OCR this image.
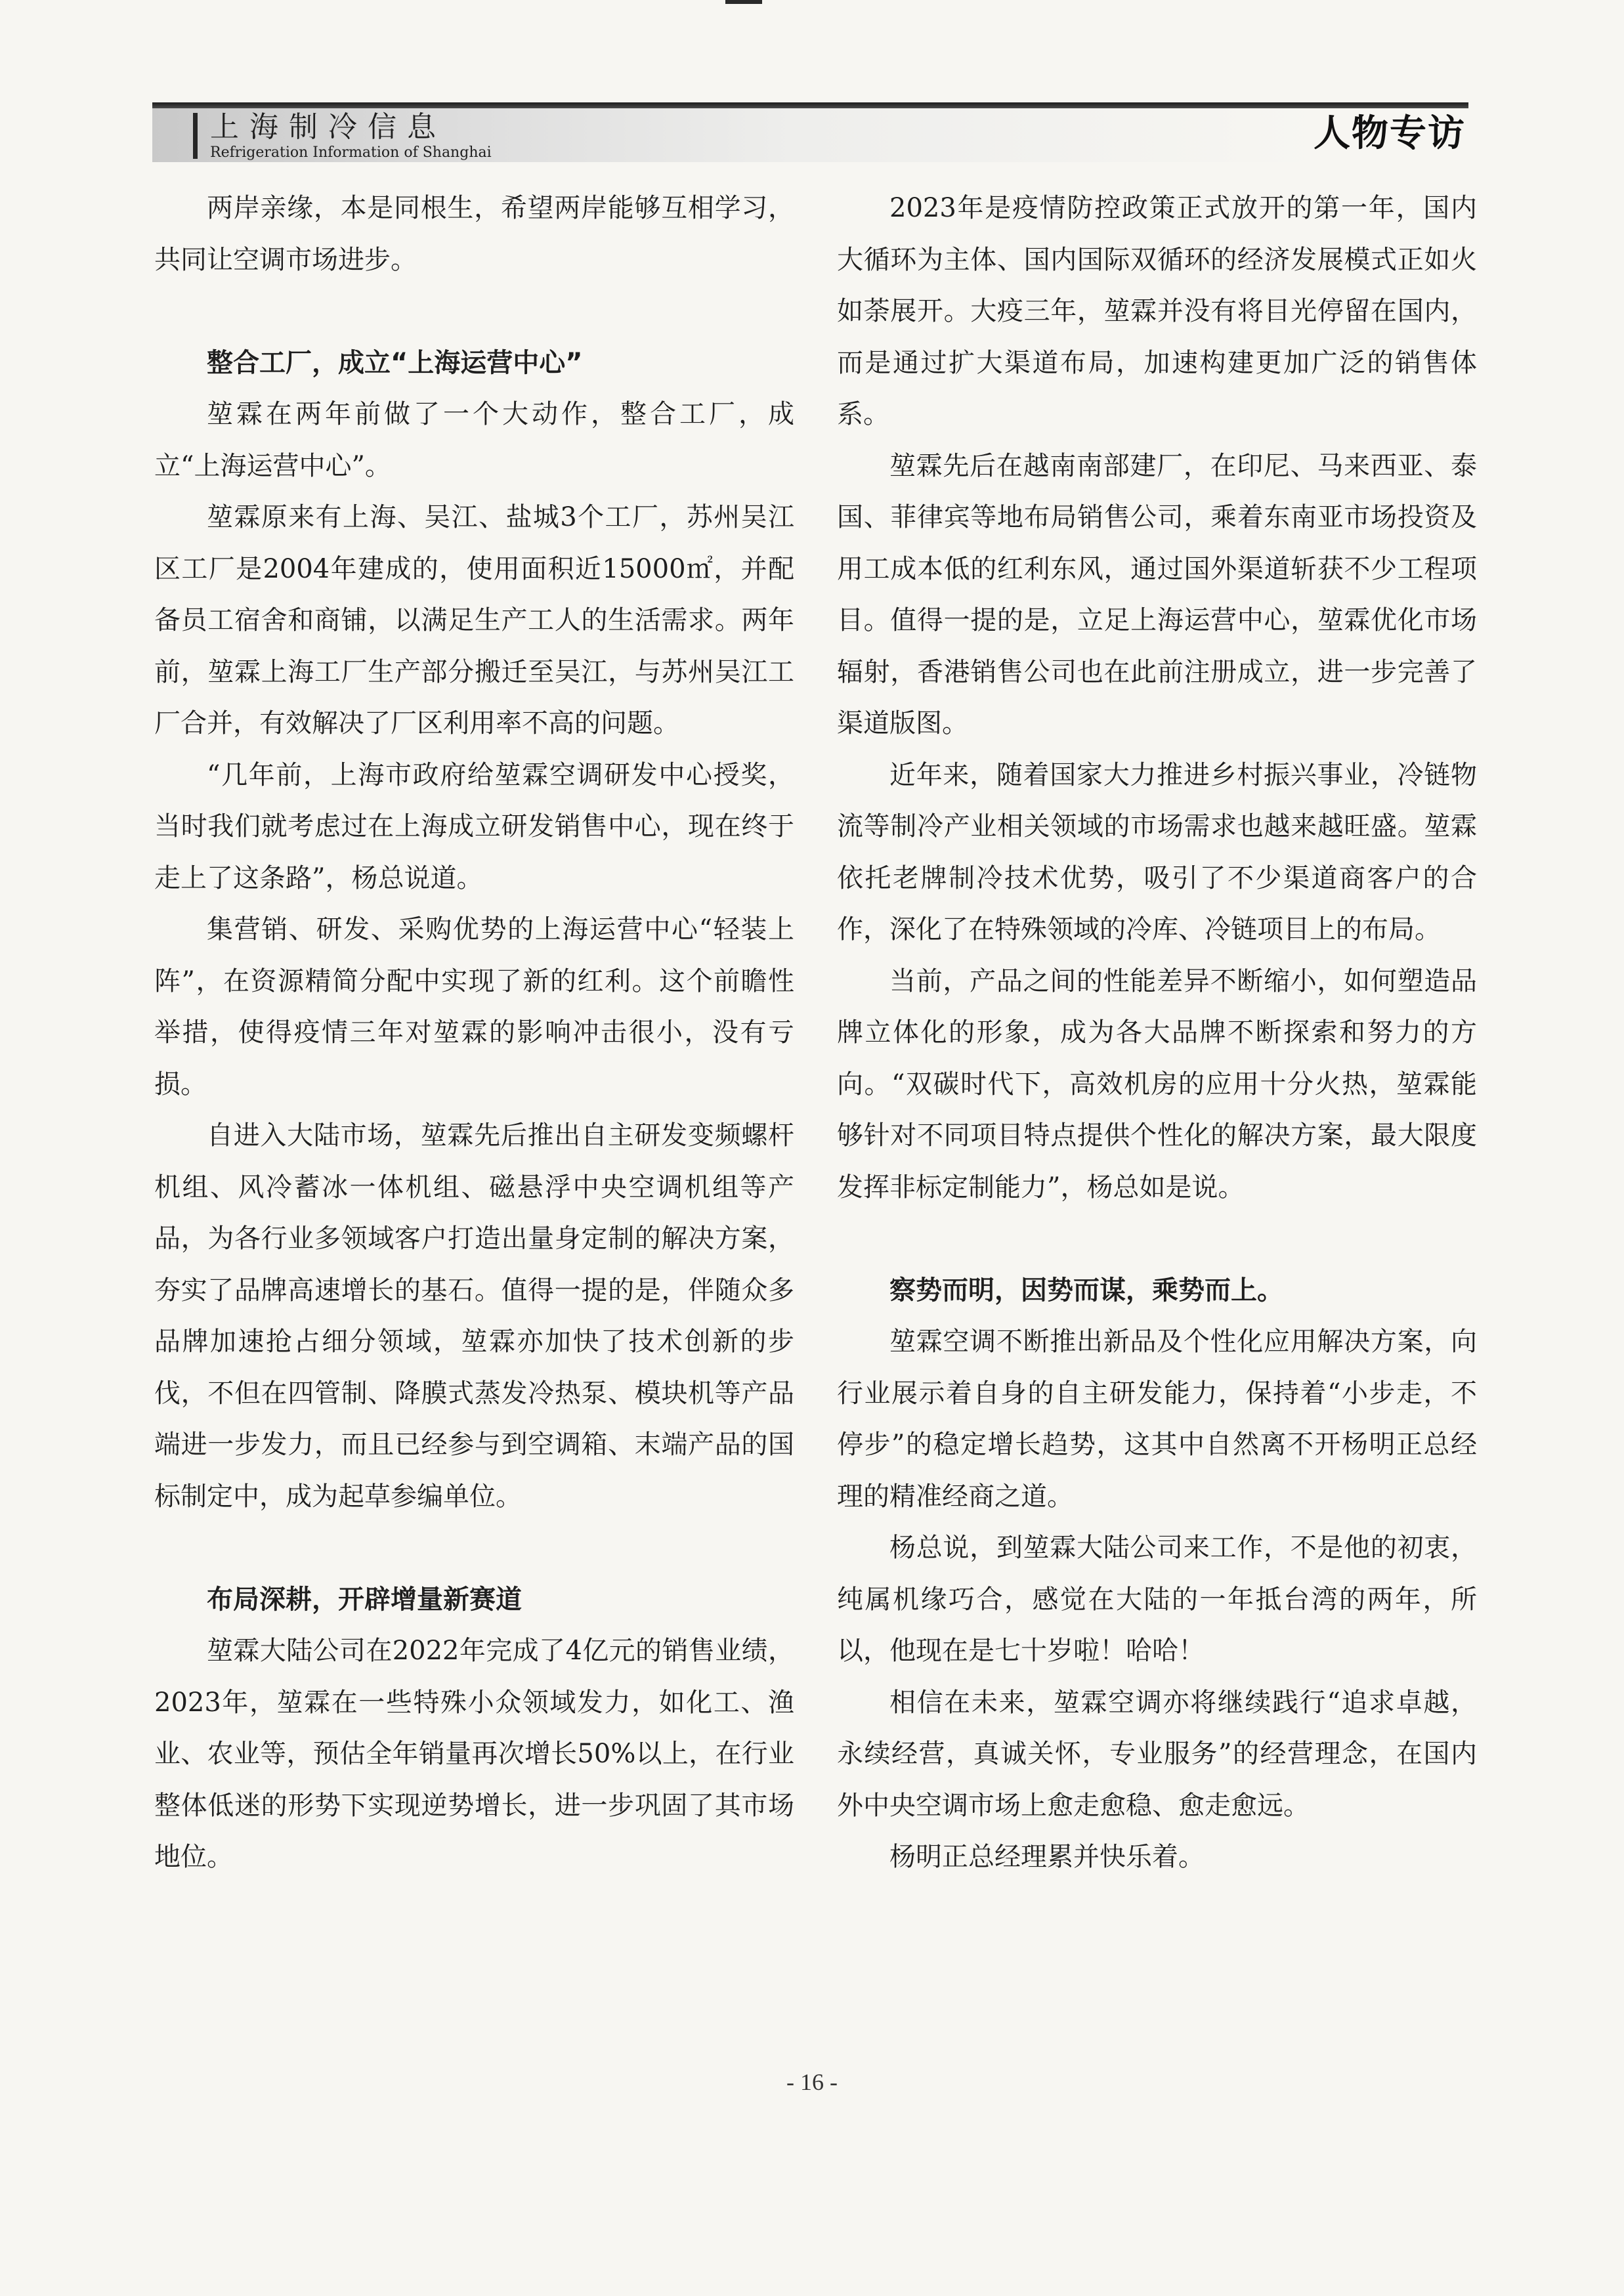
上海制冷信息
Refrigeration Information of Shanghai	人物专访

两岸亲缘，本是同根生，希望两岸能够互相学习，共同让空调市场进步。

整合工厂，成立“上海运营中心”

堃霖在两年前做了一个大动作，整合工厂，成立“上海运营中心”。

堃霖原来有上海、吴江、盐城3个工厂，苏州吴江区工厂是2004年建成的，使用面积近15000㎡，并配备员工宿舍和商铺，以满足生产工人的生活需求。两年前，堃霖上海工厂生产部分搬迁至吴江，与苏州吴江工厂合并，有效解决了厂区利用率不高的问题。

“几年前，上海市政府给堃霖空调研发中心授奖，当时我们就考虑过在上海成立研发销售中心，现在终于走上了这条路”，杨总说道。

集营销、研发、采购优势的上海运营中心“轻装上阵”，在资源精简分配中实现了新的红利。这个前瞻性举措，使得疫情三年对堃霖的影响冲击很小，没有亏损。

自进入大陆市场，堃霖先后推出自主研发变频螺杆机组、风冷蓄冰一体机组、磁悬浮中央空调机组等产品，为各行业多领域客户打造出量身定制的解决方案，夯实了品牌高速增长的基石。值得一提的是，伴随众多品牌加速抢占细分领域，堃霖亦加快了技术创新的步伐，不但在四管制、降膜式蒸发冷热泵、模块机等产品端进一步发力，而且已经参与到空调箱、末端产品的国标制定中，成为起草参编单位。

布局深耕，开辟增量新赛道

堃霖大陆公司在2022年完成了4亿元的销售业绩，2023年，堃霖在一些特殊小众领域发力，如化工、渔业、农业等，预估全年销量再次增长50%以上，在行业整体低迷的形势下实现逆势增长，进一步巩固了其市场地位。

2023年是疫情防控政策正式放开的第一年，国内大循环为主体、国内国际双循环的经济发展模式正如火如荼展开。大疫三年，堃霖并没有将目光停留在国内，而是通过扩大渠道布局，加速构建更加广泛的销售体系。

堃霖先后在越南南部建厂，在印尼、马来西亚、泰国、菲律宾等地布局销售公司，乘着东南亚市场投资及用工成本低的红利东风，通过国外渠道斩获不少工程项目。值得一提的是，立足上海运营中心，堃霖优化市场辐射，香港销售公司也在此前注册成立，进一步完善了渠道版图。

近年来，随着国家大力推进乡村振兴事业，冷链物流等制冷产业相关领域的市场需求也越来越旺盛。堃霖依托老牌制冷技术优势，吸引了不少渠道商客户的合作，深化了在特殊领域的冷库、冷链项目上的布局。

当前，产品之间的性能差异不断缩小，如何塑造品牌立体化的形象，成为各大品牌不断探索和努力的方向。“双碳时代下，高效机房的应用十分火热，堃霖能够针对不同项目特点提供个性化的解决方案，最大限度发挥非标定制能力”，杨总如是说。

察势而明，因势而谋，乘势而上。

堃霖空调不断推出新品及个性化应用解决方案，向行业展示着自身的自主研发能力，保持着“小步走，不停步”的稳定增长趋势，这其中自然离不开杨明正总经理的精准经商之道。

杨总说，到堃霖大陆公司来工作，不是他的初衷，纯属机缘巧合，感觉在大陆的一年抵台湾的两年，所以，他现在是七十岁啦！哈哈！

相信在未来，堃霖空调亦将继续践行“追求卓越，永续经营，真诚关怀，专业服务”的经营理念，在国内外中央空调市场上愈走愈稳、愈走愈远。

杨明正总经理累并快乐着。

- 16 -
